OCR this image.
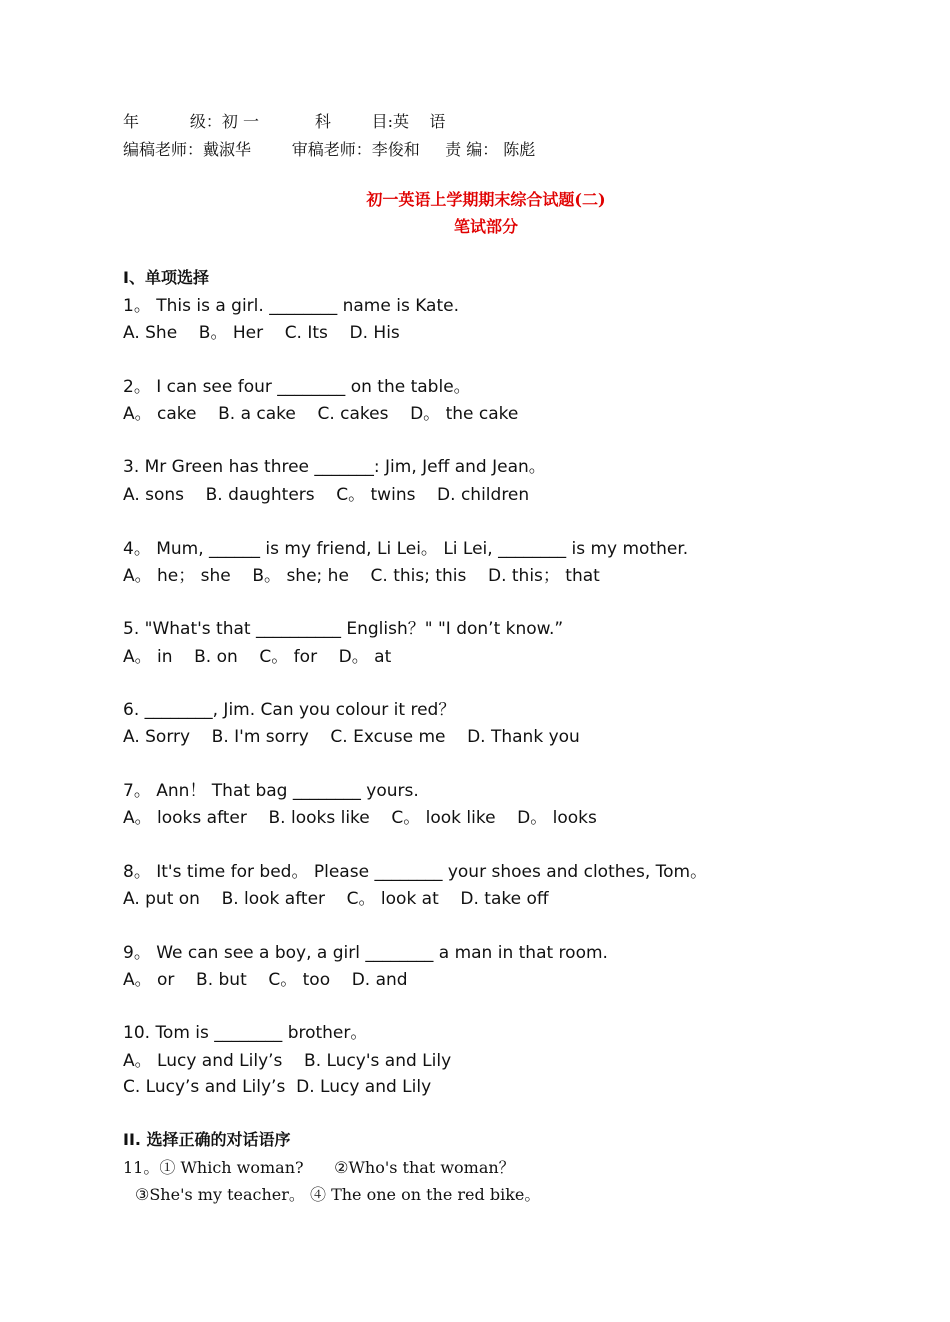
年          级：初 一           科        目:英    语
编稿老师：戴淑华        审稿老师：李俊和     责 编： 陈彪
初一英语上学期期末综合试题(二)
笔试部分
I、单项选择
1。 This is a girl. ________ name is Kate.
A. She    B。 Her    C. Its    D. His
2。 I can see four ________ on the table。
A。 cake    B. a cake    C. cakes    D。 the cake
3. Mr Green has three _______: Jim, Jeff and Jean。
A. sons    B. daughters    C。 twins    D. children
4。 Mum, ______ is my friend, Li Lei。 Li Lei, ________ is my mother.
A。 he； she    B。 she; he    C. this; this    D. this； that
5. "What's that __________ English？" "I don’t know.”
A。 in    B. on    C。 for    D。 at
6. ________, Jim. Can you colour it red？
A. Sorry    B. I'm sorry    C. Excuse me    D. Thank you
7。 Ann！ That bag ________ yours.
A。 looks after    B. looks like    C。 look like    D。 looks
8。 It's time for bed。 Please ________ your shoes and clothes, Tom。
A. put on    B. look after    C。 look at    D. take off
9。 We can see a boy, a girl ________ a man in that room.
A。 or    B. but    C。 too    D. and
10. Tom is ________ brother。
A。 Lucy and Lily’s    B. Lucy's and Lily
C. Lucy’s and Lily’s  D. Lucy and Lily
II. 选择正确的对话语序
11。① Which woman?      ②Who's that woman？
③She's my teacher。 ④ The one on the red bike。
